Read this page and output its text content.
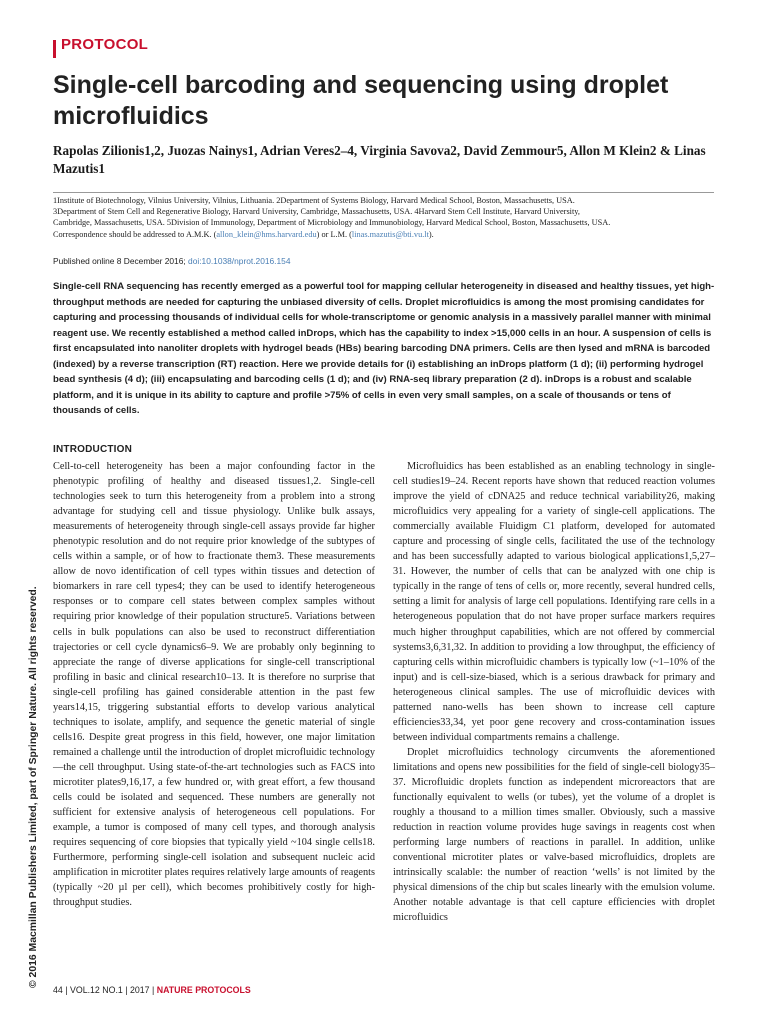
PROTOCOL
Single-cell barcoding and sequencing using droplet microfluidics
Rapolas Zilionis1,2, Juozas Nainys1, Adrian Veres2–4, Virginia Savova2, David Zemmour5, Allon M Klein2 & Linas Mazutis1
1Institute of Biotechnology, Vilnius University, Vilnius, Lithuania. 2Department of Systems Biology, Harvard Medical School, Boston, Massachusetts, USA.
3Department of Stem Cell and Regenerative Biology, Harvard University, Cambridge, Massachusetts, USA. 4Harvard Stem Cell Institute, Harvard University,
Cambridge, Massachusetts, USA. 5Division of Immunology, Department of Microbiology and Immunobiology, Harvard Medical School, Boston, Massachusetts, USA.
Correspondence should be addressed to A.M.K. (allon_klein@hms.harvard.edu) or L.M. (linas.mazutis@bti.vu.lt).
Published online 8 December 2016; doi:10.1038/nprot.2016.154

Single-cell RNA sequencing has recently emerged as a powerful tool for mapping cellular heterogeneity in diseased and healthy tissues, yet high-throughput methods are needed for capturing the unbiased diversity of cells. Droplet microfluidics is among the most promising candidates for capturing and processing thousands of individual cells for whole-transcriptome or genomic analysis in a massively parallel manner with minimal reagent use. We recently established a method called inDrops, which has the capability to index >15,000 cells in an hour. A suspension of cells is first encapsulated into nanoliter droplets with hydrogel beads (HBs) bearing barcoding DNA primers. Cells are then lysed and mRNA is barcoded (indexed) by a reverse transcription (RT) reaction. Here we provide details for (i) establishing an inDrops platform (1 d); (ii) performing hydrogel bead synthesis (4 d); (iii) encapsulating and barcoding cells (1 d); and (iv) RNA-seq library preparation (2 d). inDrops is a robust and scalable platform, and it is unique in its ability to capture and profile >75% of cells in even very small samples, on a scale of thousands or tens of thousands of cells.

© 2016 Macmillan Publishers Limited, part of Springer Nature. All rights reserved.
INTRODUCTION

Cell-to-cell heterogeneity has been a major confounding factor in the phenotypic profiling of healthy and diseased tissues1,2. Single-cell technologies seek to turn this heterogeneity from a problem into a strong advantage for studying cell and tissue physiology. Unlike bulk assays, measurements of heterogeneity through single-cell assays provide far higher phenotypic resolution and do not require prior knowledge of the subtypes of cells within a sample, or of how to fractionate them3. These measurements allow de novo identification of cell types within tissues and detection of biomarkers in rare cell types4; they can be used to identify heterogeneous responses or to compare cell states between complex samples without requiring prior knowledge of their population structure5. Variations between cells in bulk populations can also be used to reconstruct differentiation trajectories or cell cycle dynamics6–9. We are probably only beginning to appreciate the range of diverse applications for single-cell transcriptional profiling in basic and clinical research10–13. It is therefore no surprise that single-cell profiling has gained considerable attention in the past few years14,15, triggering substantial efforts to develop various analytical techniques to isolate, amplify, and sequence the genetic material of single cells16. Despite great progress in this field, however, one major limitation remained a challenge until the introduction of droplet microfluidic technology—the cell throughput. Using state-of-the-art technologies such as FACS into microtiter plates9,16,17, a few hundred or, with great effort, a few thousand cells could be isolated and sequenced. These numbers are generally not sufficient for extensive analysis of heterogeneous cell populations. For example, a tumor is composed of many cell types, and thorough analysis requires sequencing of core biopsies that typically yield ~104 single cells18. Furthermore, performing single-cell isolation and subsequent nucleic acid amplification in microtiter plates requires relatively large amounts of reagents (typically ~20 µl per cell), which becomes prohibitively costly for high-throughput studies.

Microfluidics has been established as an enabling technology in single-cell studies19–24. Recent reports have shown that reduced reaction volumes improve the yield of cDNA25 and reduce technical variability26, making microfluidics very appealing for a variety of single-cell applications. The commercially available Fluidigm C1 platform, developed for automated capture and processing of single cells, facilitated the use of the technology and has been successfully adapted to various biological applications1,5,27–31. However, the number of cells that can be analyzed with one chip is typically in the range of tens of cells or, more recently, several hundred cells, setting a limit for analysis of large cell populations. Identifying rare cells in a heterogeneous population that do not have proper surface markers requires much higher throughput capabilities, which are not offered by commercial systems3,6,31,32. In addition to providing a low throughput, the efficiency of capturing cells within microfluidic chambers is typically low (~1–10% of the input) and is cell-size-biased, which is a serious drawback for primary and heterogeneous clinical samples. The use of microfluidic devices with patterned nano-wells has been shown to increase cell capture efficiencies33,34, yet poor gene recovery and cross-contamination issues between individual compartments remains a challenge.

Droplet microfluidics technology circumvents the aforementioned limitations and opens new possibilities for the field of single-cell biology35–37. Microfluidic droplets function as independent microreactors that are functionally equivalent to wells (or tubes), yet the volume of a droplet is roughly a thousand to a million times smaller. Obviously, such a massive reduction in reaction volume provides huge savings in reagents cost when performing large numbers of reactions in parallel. In addition, unlike conventional microtiter plates or valve-based microfluidics, droplets are intrinsically scalable: the number of reaction ‘wells’ is not limited by the physical dimensions of the chip but scales linearly with the emulsion volume. Another notable advantage is that cell capture efficiencies with droplet microfluidics

44 | VOL.12 NO.1 | 2017 | NATURE PROTOCOLS
